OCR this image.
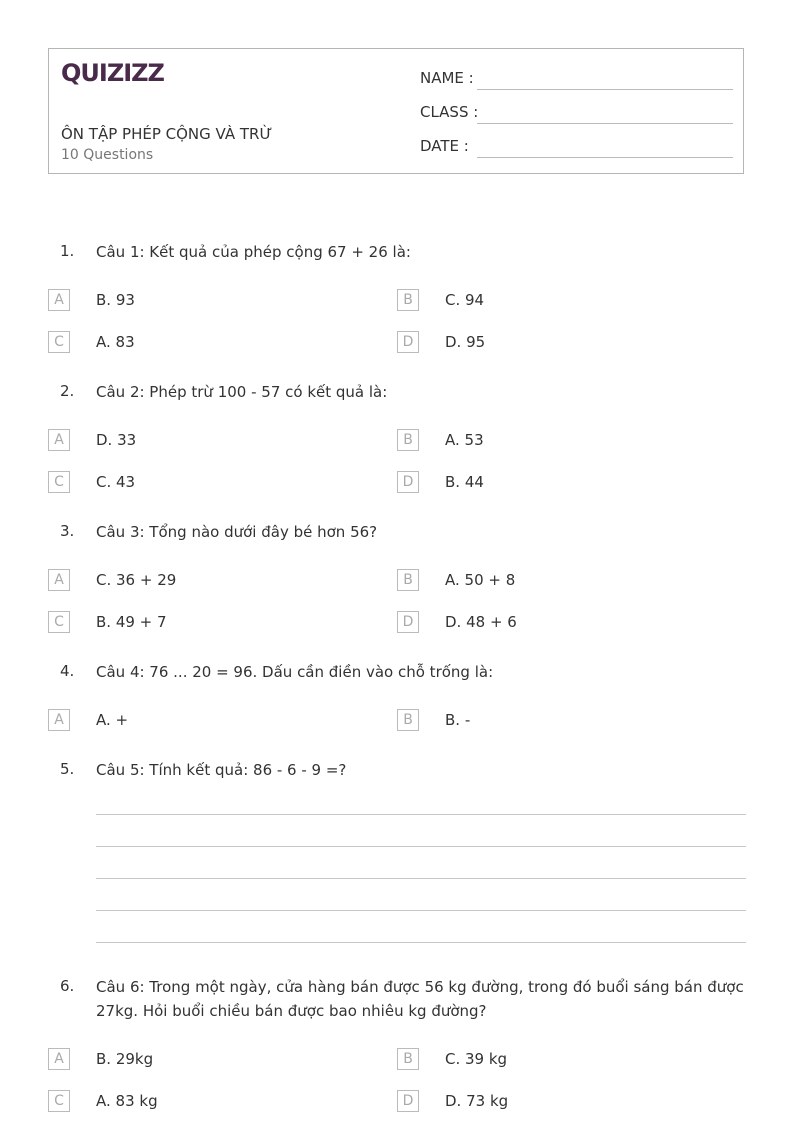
QUIZIZZ
ÔN TẬP PHÉP CỘNG VÀ TRỪ
10 Questions
NAME :
CLASS :
DATE :
1. Câu 1: Kết quả của phép cộng 67 + 26 là:
A	B. 93	B	C. 94
C	A. 83	D	D. 95
2. Câu 2: Phép trừ 100 - 57 có kết quả là:
A	D. 33	B	A. 53
C	C. 43	D	B. 44
3. Câu 3: Tổng nào dưới đây bé hơn 56?
A	C. 36 + 29	B	A. 50 + 8
C	B. 49 + 7	D	D. 48 + 6
4. Câu 4: 76 ... 20 = 96. Dấu cần điền vào chỗ trống là:
A	A. +	B	B. -
5. Câu 5: Tính kết quả: 86 - 6 - 9 =?
6. Câu 6: Trong một ngày, cửa hàng bán được 56 kg đường, trong đó buổi sáng bán được 27kg. Hỏi buổi chiều bán được bao nhiêu kg đường?
A	B. 29kg	B	C. 39 kg
C	A. 83 kg	D	D. 73 kg
